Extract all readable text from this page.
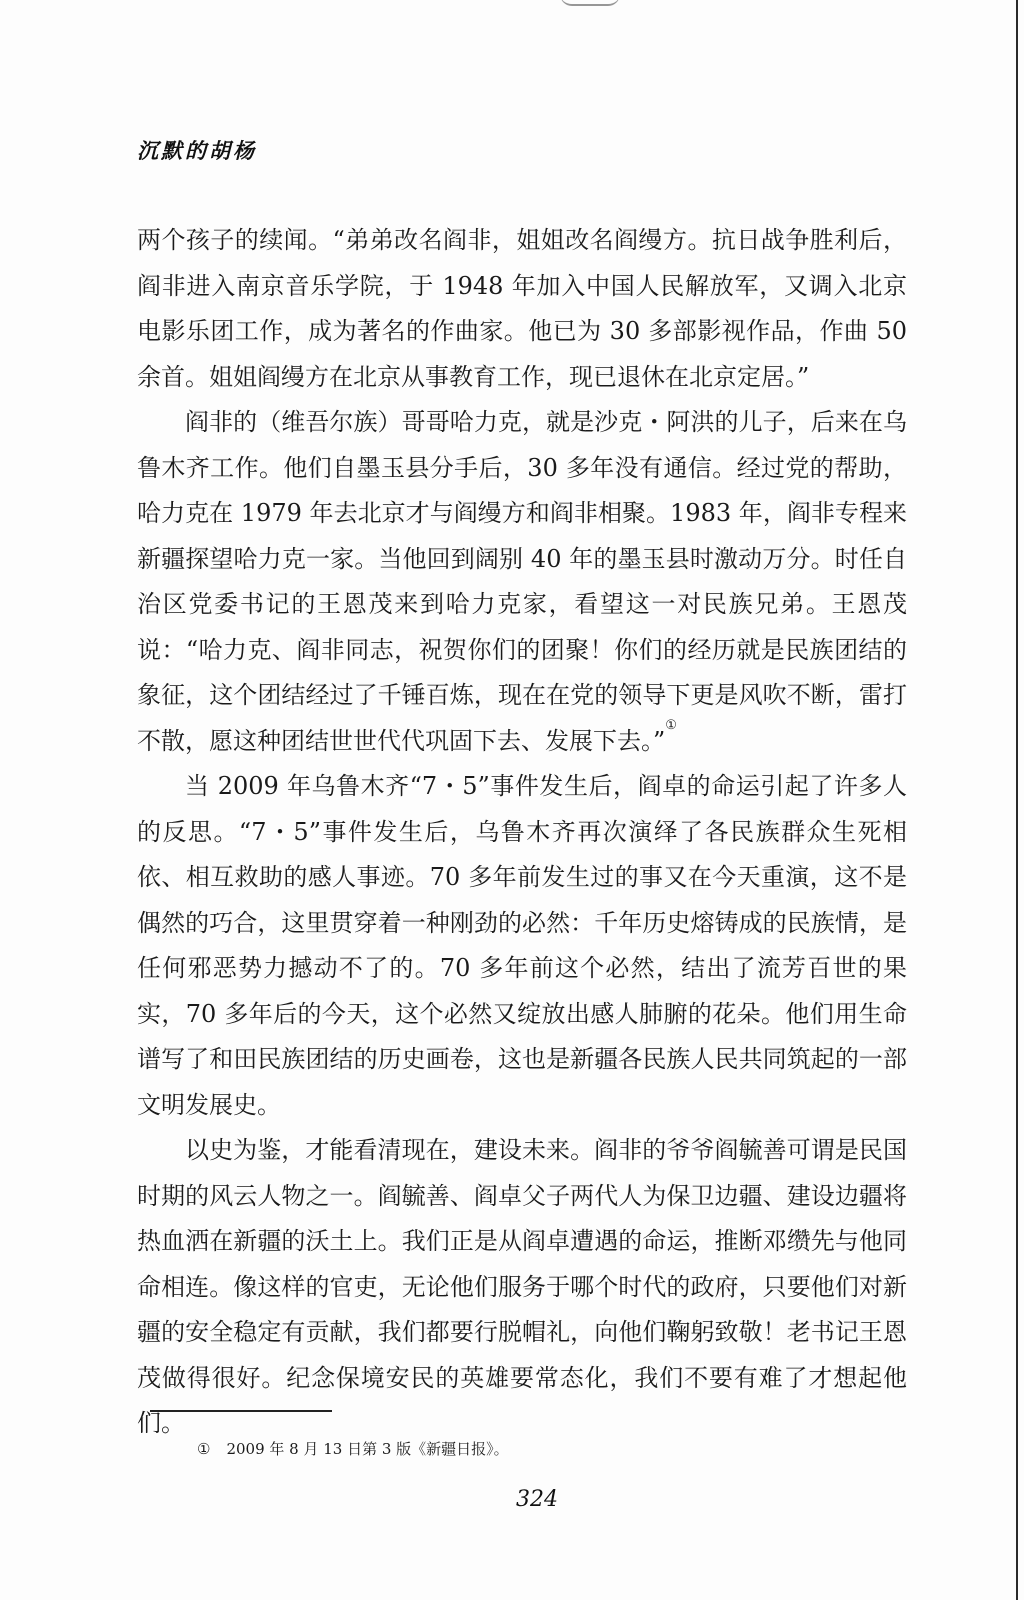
沉默的胡杨

两个孩子的续闻。“弟弟改名阎非，姐姐改名阎缦方。抗日战争胜利后，阎非进入南京音乐学院，于 1948 年加入中国人民解放军，又调入北京电影乐团工作，成为著名的作曲家。他已为 30 多部影视作品，作曲 50 余首。姐姐阎缦方在北京从事教育工作，现已退休在北京定居。”

阎非的（维吾尔族）哥哥哈力克，就是沙克・阿洪的儿子，后来在乌鲁木齐工作。他们自墨玉县分手后，30 多年没有通信。经过党的帮助，哈力克在 1979 年去北京才与阎缦方和阎非相聚。1983 年，阎非专程来新疆探望哈力克一家。当他回到阔别 40 年的墨玉县时激动万分。时任自治区党委书记的王恩茂来到哈力克家，看望这一对民族兄弟。王恩茂说：“哈力克、阎非同志，祝贺你们的团聚！你们的经历就是民族团结的象征，这个团结经过了千锤百炼，现在在党的领导下更是风吹不断，雷打不散，愿这种团结世世代代巩固下去、发展下去。”①

当 2009 年乌鲁木齐“7・5”事件发生后，阎卓的命运引起了许多人的反思。“7・5”事件发生后，乌鲁木齐再次演绎了各民族群众生死相依、相互救助的感人事迹。70 多年前发生过的事又在今天重演，这不是偶然的巧合，这里贯穿着一种刚劲的必然：千年历史熔铸成的民族情，是任何邪恶势力撼动不了的。70 多年前这个必然，结出了流芳百世的果实，70 多年后的今天，这个必然又绽放出感人肺腑的花朵。他们用生命谱写了和田民族团结的历史画卷，这也是新疆各民族人民共同筑起的一部文明发展史。

以史为鉴，才能看清现在，建设未来。阎非的爷爷阎毓善可谓是民国时期的风云人物之一。阎毓善、阎卓父子两代人为保卫边疆、建设边疆将热血洒在新疆的沃土上。我们正是从阎卓遭遇的命运，推断邓缵先与他同命相连。像这样的官吏，无论他们服务于哪个时代的政府，只要他们对新疆的安全稳定有贡献，我们都要行脱帽礼，向他们鞠躬致敬！老书记王恩茂做得很好。纪念保境安民的英雄要常态化，我们不要有难了才想起他们。

① 2009 年 8 月 13 日第 3 版《新疆日报》。
324
